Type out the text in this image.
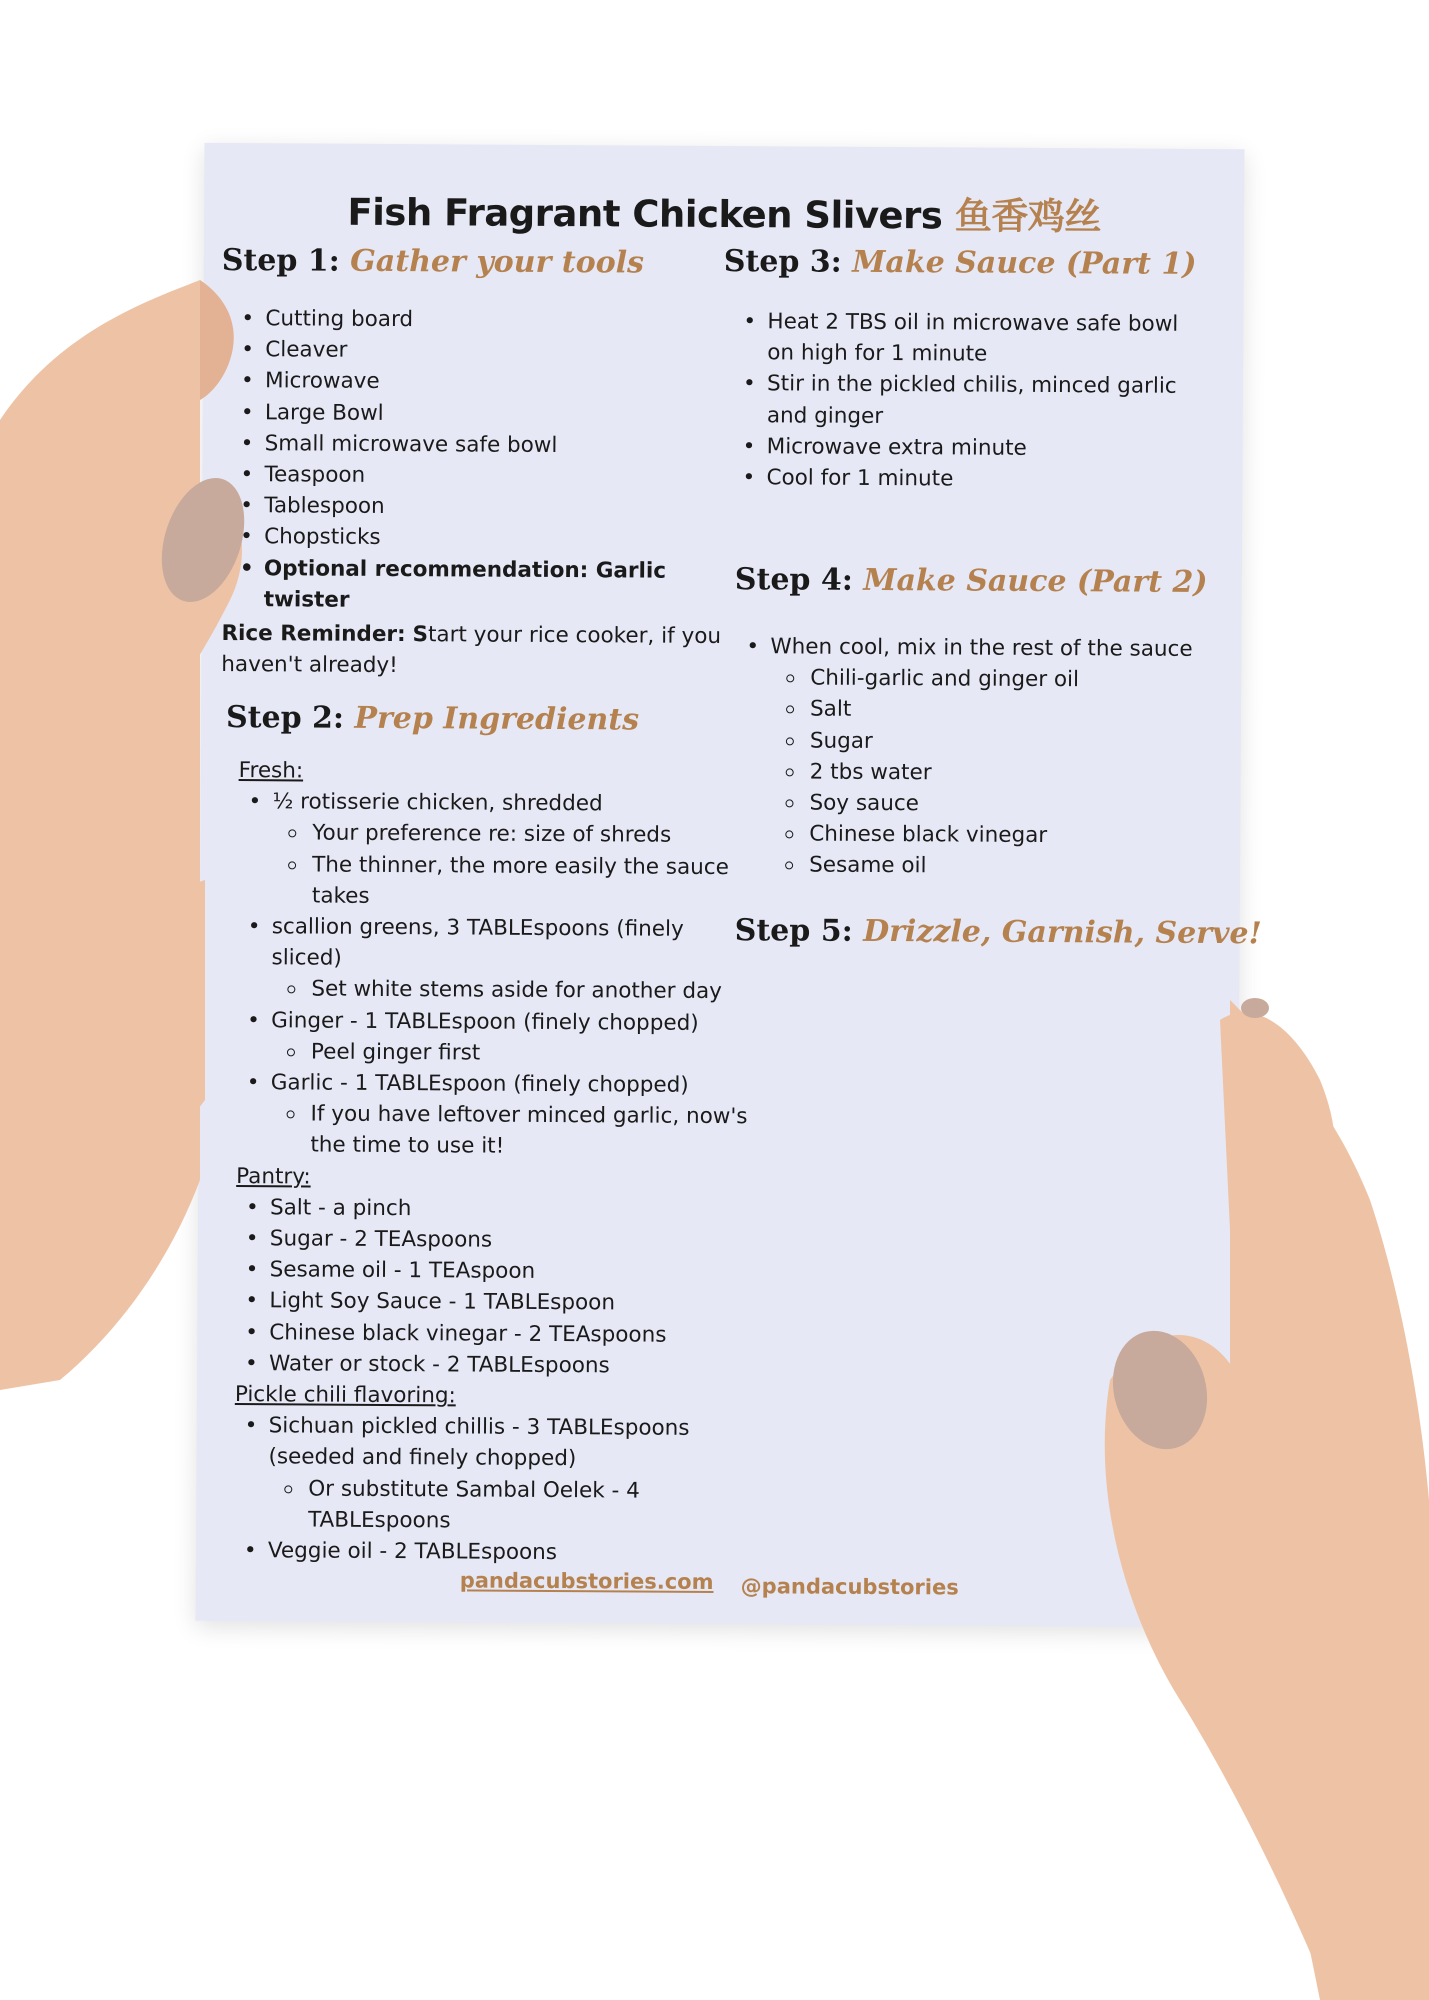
Fish Fragrant Chicken Slivers 鱼香鸡丝
Step 1: Gather your tools
• Cutting board
• Cleaver
• Microwave
• Large Bowl
• Small microwave safe bowl
• Teaspoon
• Tablespoon
• Chopsticks
• Optional recommendation: Garlic twister
Rice Reminder: Start your rice cooker, if you haven't already!
Step 2: Prep Ingredients
Fresh:
• ½ rotisserie chicken, shredded
Your preference re: size of shreds
The thinner, the more easily the sauce takes
• scallion greens, 3 TABLEspoons (finely sliced)
Set white stems aside for another day
• Ginger - 1 TABLEspoon (finely chopped)
Peel ginger first
• Garlic - 1 TABLEspoon (finely chopped)
If you have leftover minced garlic, now's the time to use it!
Pantry:
• Salt - a pinch
• Sugar - 2 TEAspoons
• Sesame oil - 1 TEAspoon
• Light Soy Sauce - 1 TABLEspoon
• Chinese black vinegar - 2 TEAspoons
• Water or stock - 2 TABLEspoons
Pickle chili flavoring:
• Sichuan pickled chillis - 3 TABLEspoons (seeded and finely chopped)
Or substitute Sambal Oelek - 4 TABLEspoons
• Veggie oil - 2 TABLEspoons
Step 3: Make Sauce (Part 1)
• Heat 2 TBS oil in microwave safe bowl on high for 1 minute
• Stir in the pickled chilis, minced garlic and ginger
• Microwave extra minute
• Cool for 1 minute
Step 4: Make Sauce (Part 2)
• When cool, mix in the rest of the sauce
Chili-garlic and ginger oil
Salt
Sugar
2 tbs water
Soy sauce
Chinese black vinegar
Sesame oil
Step 5: Drizzle, Garnish, Serve!
pandacubstories.com @pandacubstories
